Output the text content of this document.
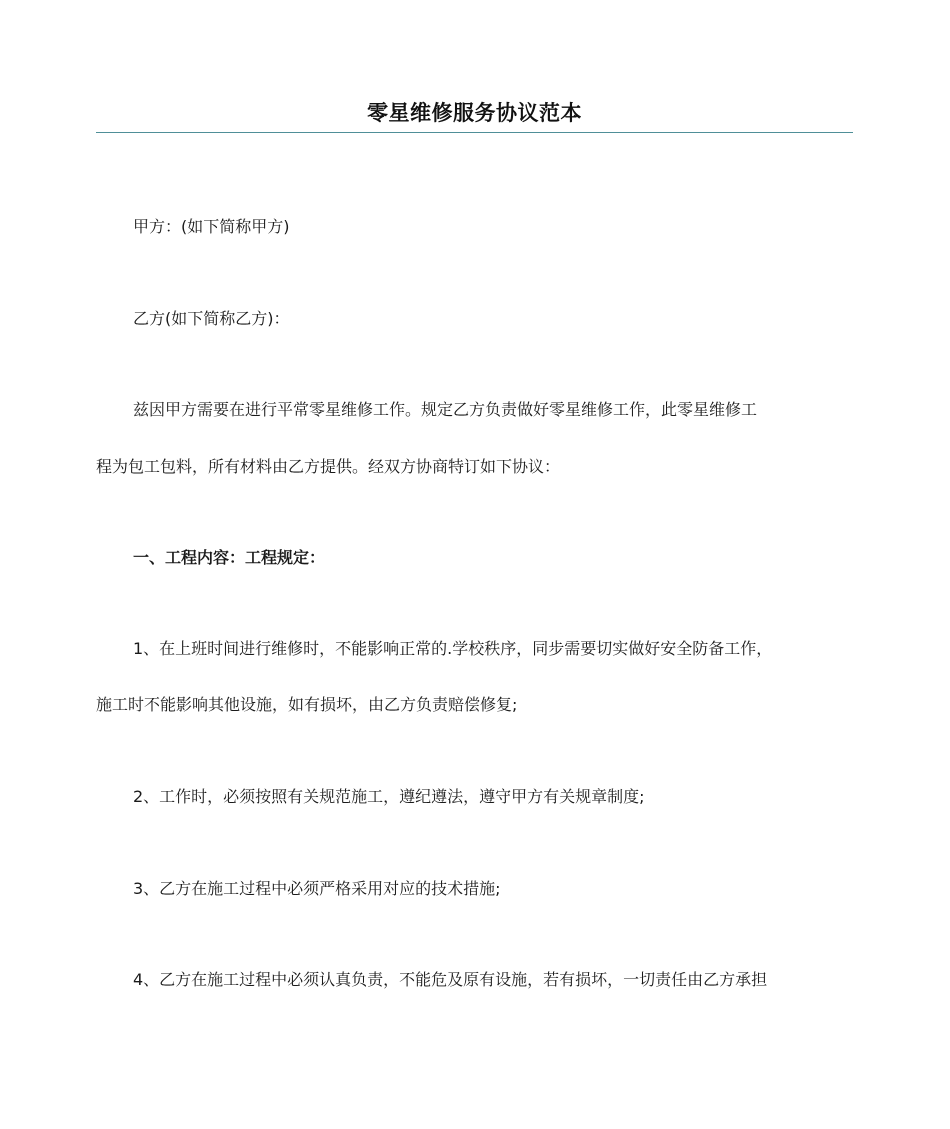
零星维修服务协议范本
甲方：(如下简称甲方)
乙方(如下简称乙方)：
兹因甲方需要在进行平常零星维修工作。规定乙方负责做好零星维修工作，此零星维修工
程为包工包料，所有材料由乙方提供。经双方协商特订如下协议：
一、工程内容：工程规定：
1、在上班时间进行维修时，不能影响正常的.学校秩序，同步需要切实做好安全防备工作，
施工时不能影响其他设施，如有损坏，由乙方负责赔偿修复;
2、工作时，必须按照有关规范施工，遵纪遵法，遵守甲方有关规章制度;
3、乙方在施工过程中必须严格采用对应的技术措施;
4、乙方在施工过程中必须认真负责，不能危及原有设施，若有损坏，一切责任由乙方承担
